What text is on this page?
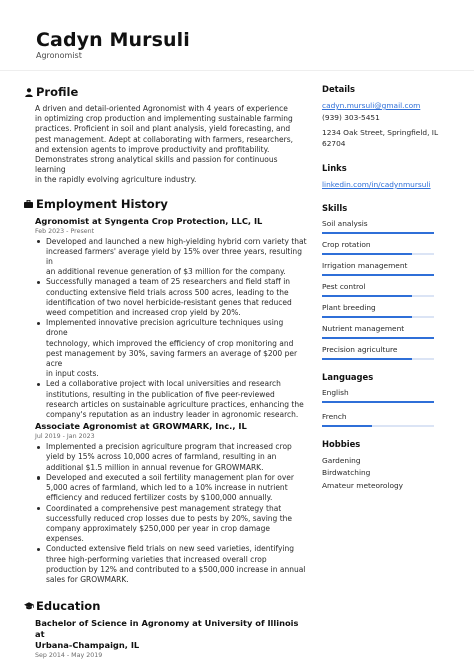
Cadyn Mursuli
Agronomist
Profile
A driven and detail-oriented Agronomist with 4 years of experience
in optimizing crop production and implementing sustainable farming
practices. Proficient in soil and plant analysis, yield forecasting, and
pest management. Adept at collaborating with farmers, researchers,
and extension agents to improve productivity and profitability.
Demonstrates strong analytical skills and passion for continuous learning
in the rapidly evolving agriculture industry.
Employment History
Agronomist at Syngenta Crop Protection, LLC, IL
Feb 2023 - Present
Developed and launched a new high-yielding hybrid corn variety that
increased farmers' average yield by 15% over three years, resulting in
an additional revenue generation of $3 million for the company.
Successfully managed a team of 25 researchers and field staff in
conducting extensive field trials across 500 acres, leading to the
identification of two novel herbicide-resistant genes that reduced
weed competition and increased crop yield by 20%.
Implemented innovative precision agriculture techniques using drone
technology, which improved the efficiency of crop monitoring and
pest management by 30%, saving farmers an average of $200 per acre
in input costs.
Led a collaborative project with local universities and research
institutions, resulting in the publication of five peer-reviewed
research articles on sustainable agriculture practices, enhancing the
company's reputation as an industry leader in agronomic research.
Associate Agronomist at GROWMARK, Inc., IL
Jul 2019 - Jan 2023
Implemented a precision agriculture program that increased crop
yield by 15% across 10,000 acres of farmland, resulting in an
additional $1.5 million in annual revenue for GROWMARK.
Developed and executed a soil fertility management plan for over
5,000 acres of farmland, which led to a 10% increase in nutrient
efficiency and reduced fertilizer costs by $100,000 annually.
Coordinated a comprehensive pest management strategy that
successfully reduced crop losses due to pests by 20%, saving the
company approximately $250,000 per year in crop damage expenses.
Conducted extensive field trials on new seed varieties, identifying
three high-performing varieties that increased overall crop
production by 12% and contributed to a $500,000 increase in annual
sales for GROWMARK.
Education
Bachelor of Science in Agronomy at University of Illinois at
Urbana-Champaign, IL
Sep 2014 - May 2019
Details
cadyn.mursuli@gmail.com
(939) 303-5451
1234 Oak Street, Springfield, IL
62704
Links
linkedin.com/in/cadynmursuli
Skills
Soil analysis
Crop rotation
Irrigation management
Pest control
Plant breeding
Nutrient management
Precision agriculture
Languages
English
French
Hobbies
Gardening
Birdwatching
Amateur meteorology
